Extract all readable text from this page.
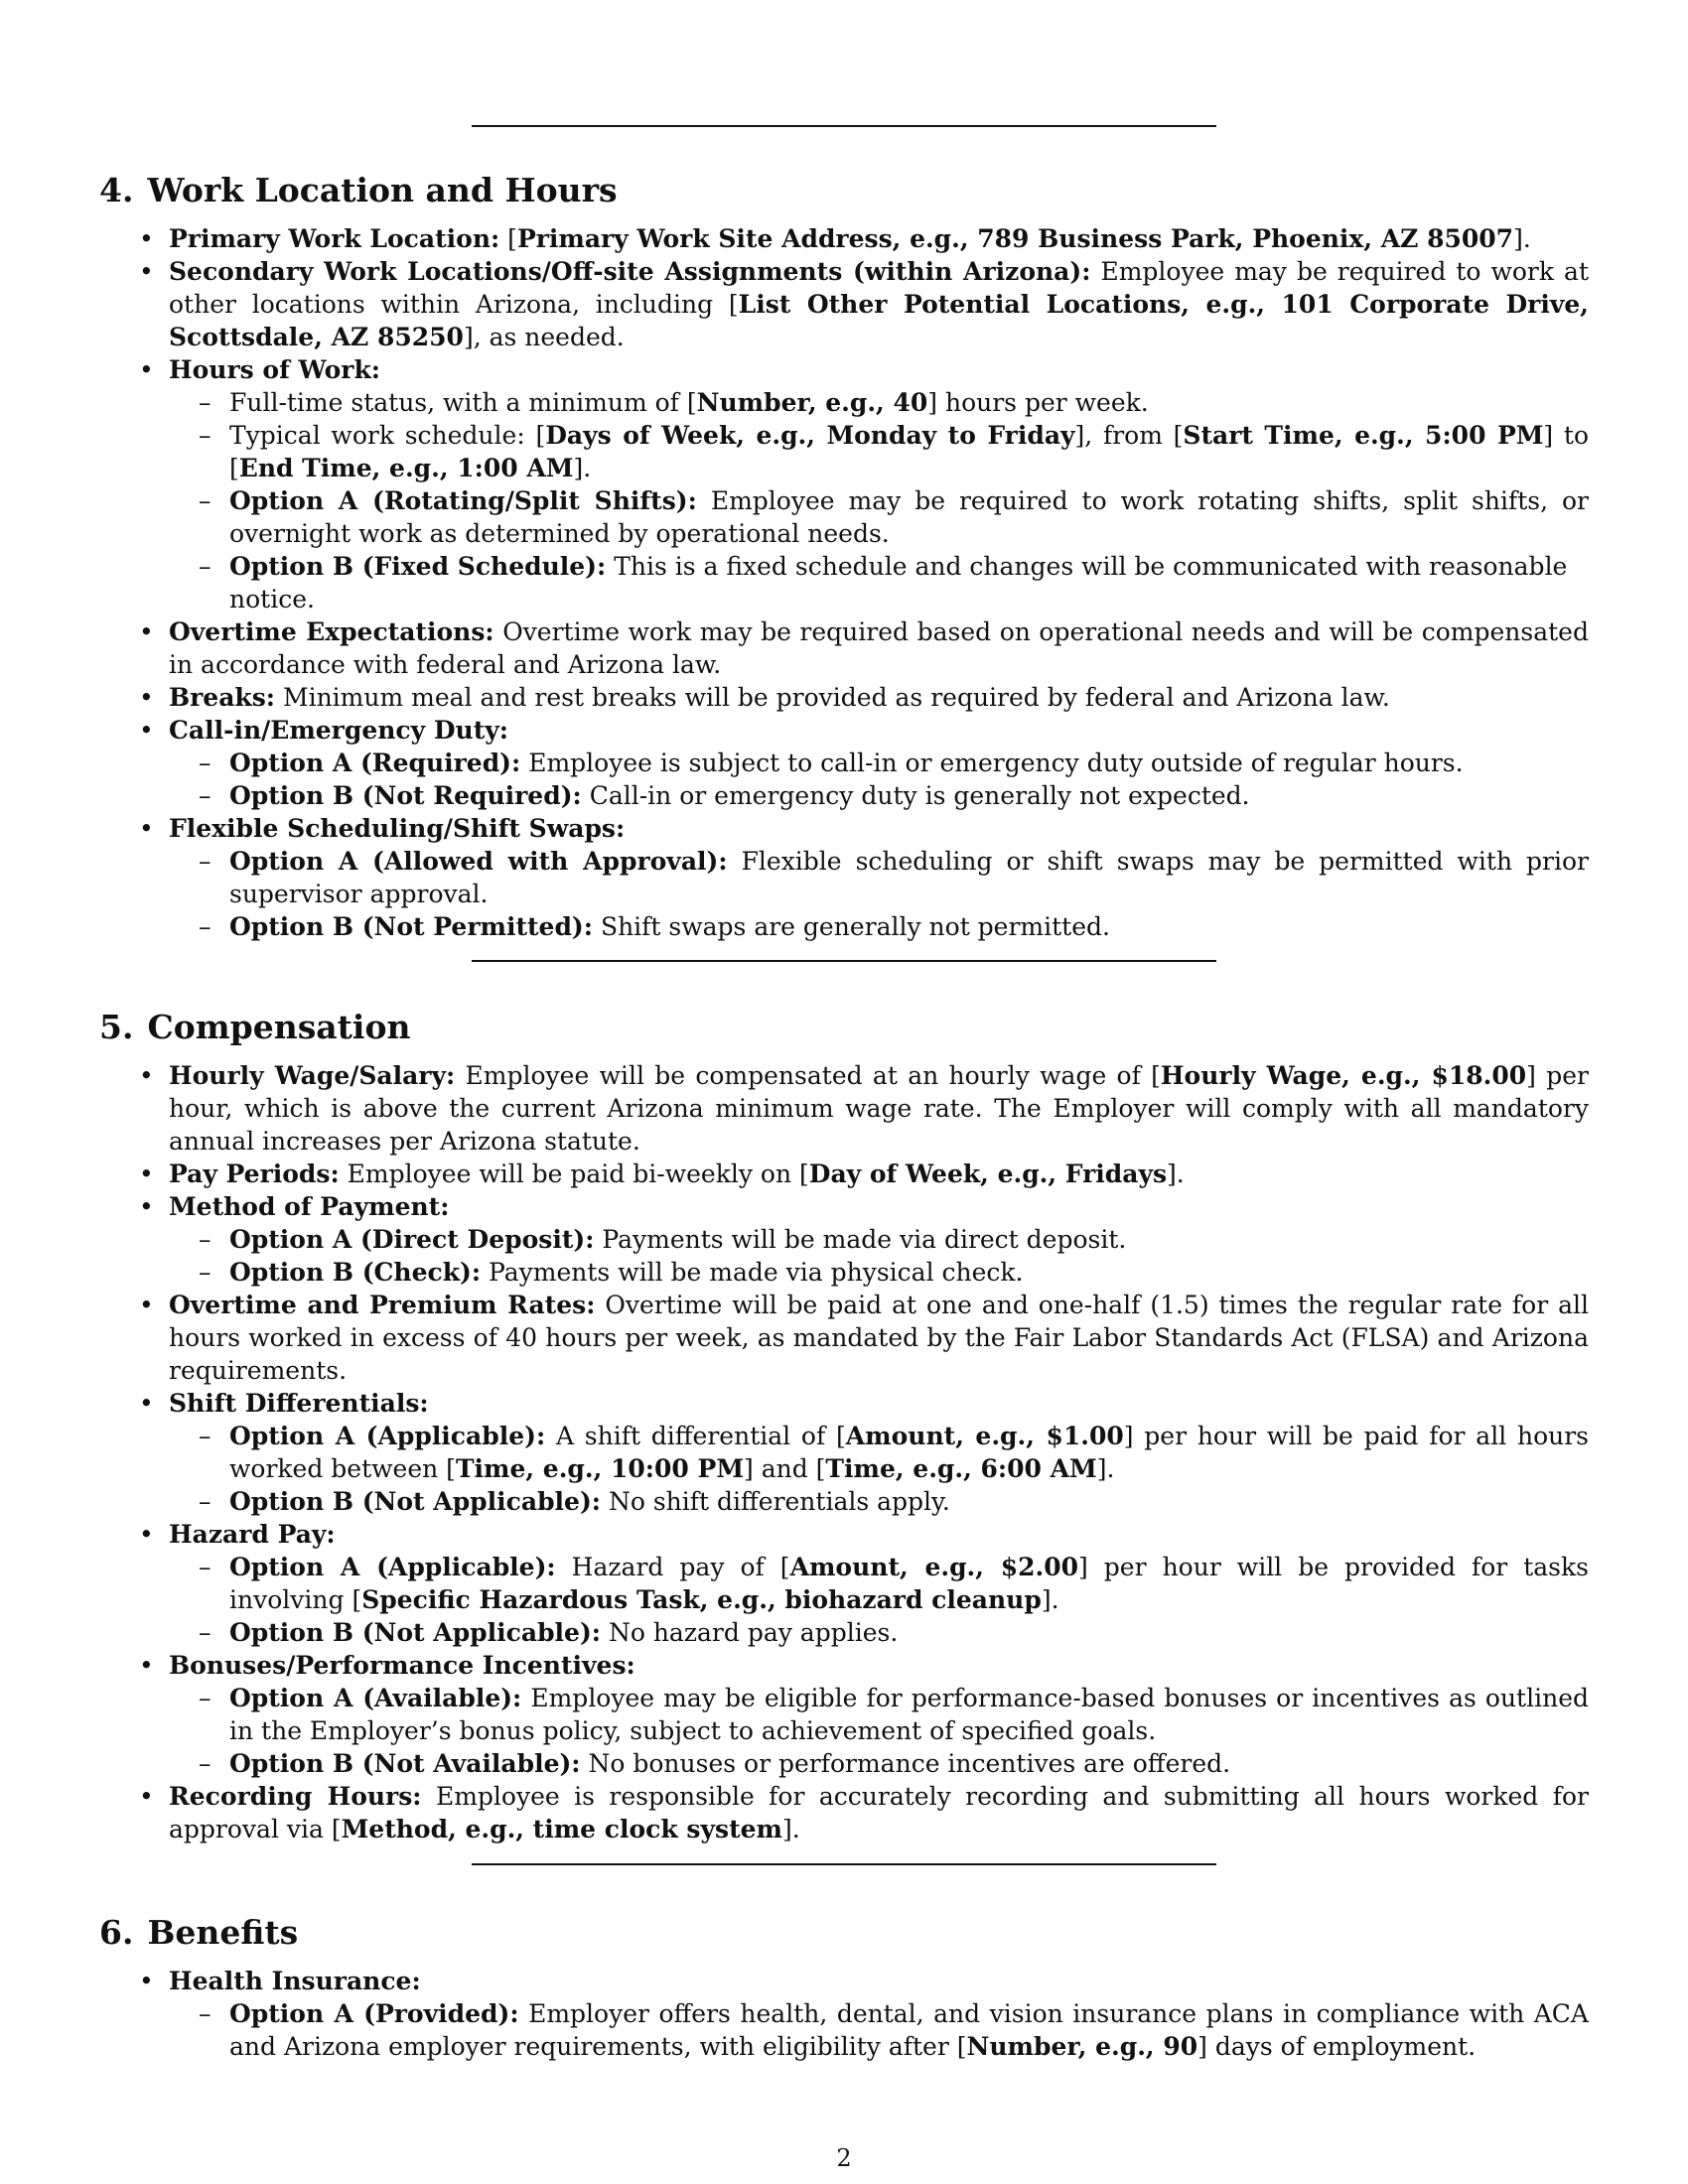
4. Work Location and Hours
• Primary Work Location: [Primary Work Site Address, e.g., 789 Business Park, Phoenix, AZ 85007].
• Secondary Work Locations/Off-site Assignments (within Arizona): Employee may be required to work at other locations within Arizona, including [List Other Potential Locations, e.g., 101 Corporate Drive, Scottsdale, AZ 85250], as needed.
• Hours of Work:
– Full-time status, with a minimum of [Number, e.g., 40] hours per week.
– Typical work schedule: [Days of Week, e.g., Monday to Friday], from [Start Time, e.g., 5:00 PM] to [End Time, e.g., 1:00 AM].
– Option A (Rotating/Split Shifts): Employee may be required to work rotating shifts, split shifts, or overnight work as determined by operational needs.
– Option B (Fixed Schedule): This is a fixed schedule and changes will be communicated with reasonable notice.
• Overtime Expectations: Overtime work may be required based on operational needs and will be compensated in accordance with federal and Arizona law.
• Breaks: Minimum meal and rest breaks will be provided as required by federal and Arizona law.
• Call-in/Emergency Duty:
– Option A (Required): Employee is subject to call-in or emergency duty outside of regular hours.
– Option B (Not Required): Call-in or emergency duty is generally not expected.
• Flexible Scheduling/Shift Swaps:
– Option A (Allowed with Approval): Flexible scheduling or shift swaps may be permitted with prior supervisor approval.
– Option B (Not Permitted): Shift swaps are generally not permitted.
5. Compensation
• Hourly Wage/Salary: Employee will be compensated at an hourly wage of [Hourly Wage, e.g., $18.00] per hour, which is above the current Arizona minimum wage rate. The Employer will comply with all mandatory annual increases per Arizona statute.
• Pay Periods: Employee will be paid bi-weekly on [Day of Week, e.g., Fridays].
• Method of Payment:
– Option A (Direct Deposit): Payments will be made via direct deposit.
– Option B (Check): Payments will be made via physical check.
• Overtime and Premium Rates: Overtime will be paid at one and one-half (1.5) times the regular rate for all hours worked in excess of 40 hours per week, as mandated by the Fair Labor Standards Act (FLSA) and Arizona requirements.
• Shift Differentials:
– Option A (Applicable): A shift differential of [Amount, e.g., $1.00] per hour will be paid for all hours worked between [Time, e.g., 10:00 PM] and [Time, e.g., 6:00 AM].
– Option B (Not Applicable): No shift differentials apply.
• Hazard Pay:
– Option A (Applicable): Hazard pay of [Amount, e.g., $2.00] per hour will be provided for tasks involving [Specific Hazardous Task, e.g., biohazard cleanup].
– Option B (Not Applicable): No hazard pay applies.
• Bonuses/Performance Incentives:
– Option A (Available): Employee may be eligible for performance-based bonuses or incentives as outlined in the Employer’s bonus policy, subject to achievement of specified goals.
– Option B (Not Available): No bonuses or performance incentives are offered.
• Recording Hours: Employee is responsible for accurately recording and submitting all hours worked for approval via [Method, e.g., time clock system].
6. Benefits
• Health Insurance:
– Option A (Provided): Employer offers health, dental, and vision insurance plans in compliance with ACA and Arizona employer requirements, with eligibility after [Number, e.g., 90] days of employment.
2
